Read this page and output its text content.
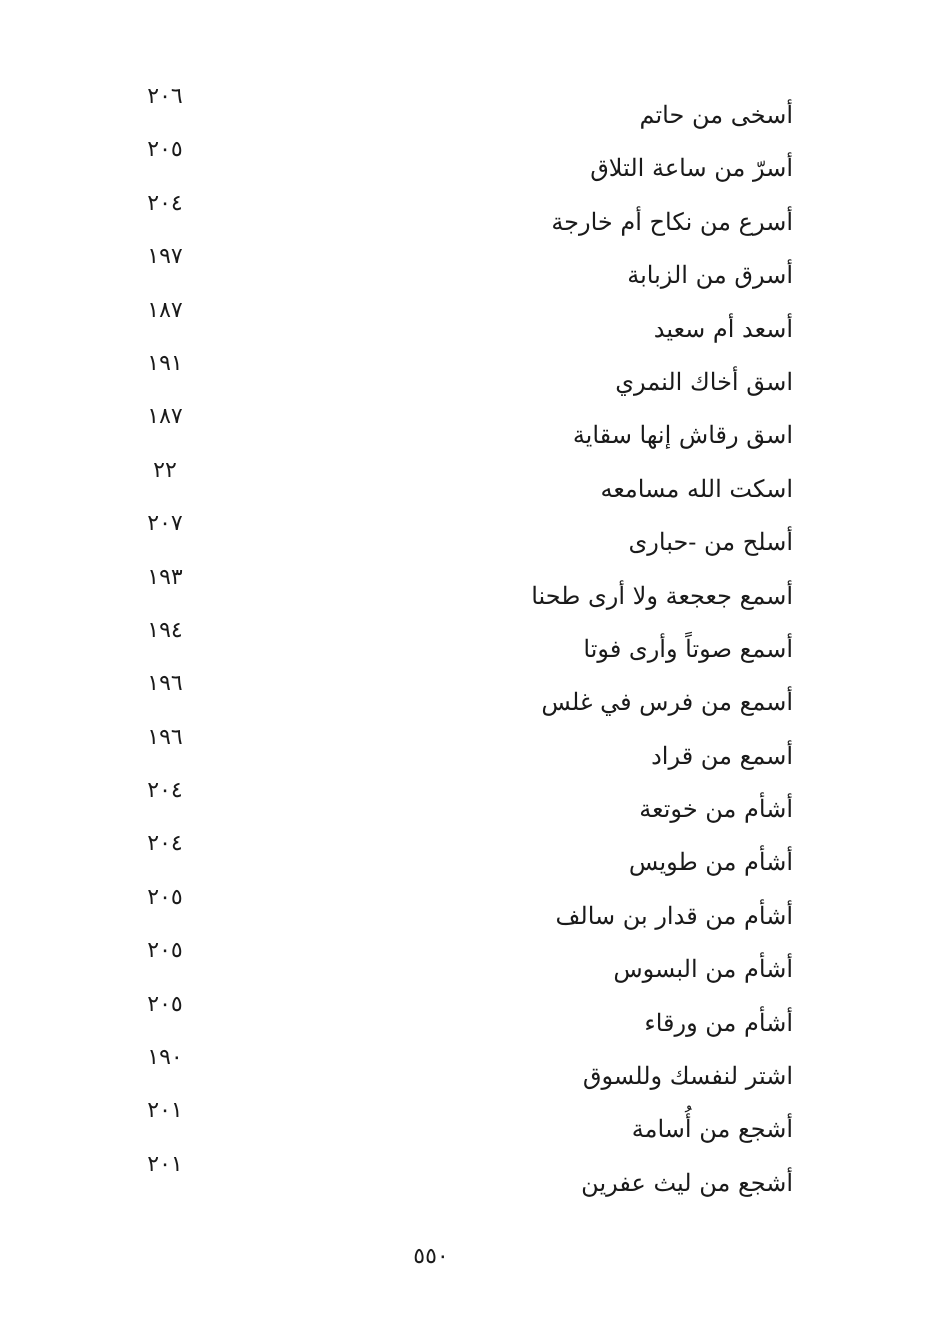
أسخى من حاتم
٢٠٦
أسرّ من ساعة التلاق
٢٠٥
أسرع من نكاح أم خارجة
٢٠٤
أسرق من الزبابة
١٩٧
أسعد أم سعيد
١٨٧
اسق أخاك النمري
١٩١
اسق رقاش إنها سقاية
١٨٧
اسكت الله مسامعه
٢٢
أسلح من -حبارى
٢٠٧
أسمع جعجعة ولا أرى طحنا
١٩٣
أسمع صوتاً وأرى فوتا
١٩٤
أسمع من فرس في غلس
١٩٦
أسمع من قراد
١٩٦
أشأم من خوتعة
٢٠٤
أشأم من طويس
٢٠٤
أشأم من قدار بن سالف
٢٠٥
أشأم من البسوس
٢٠٥
أشأم من ورقاء
٢٠٥
اشتر لنفسك وللسوق
١٩٠
أشجع من أُسامة
٢٠١
أشجع من ليث عفرين
٢٠١
٥٥٠
